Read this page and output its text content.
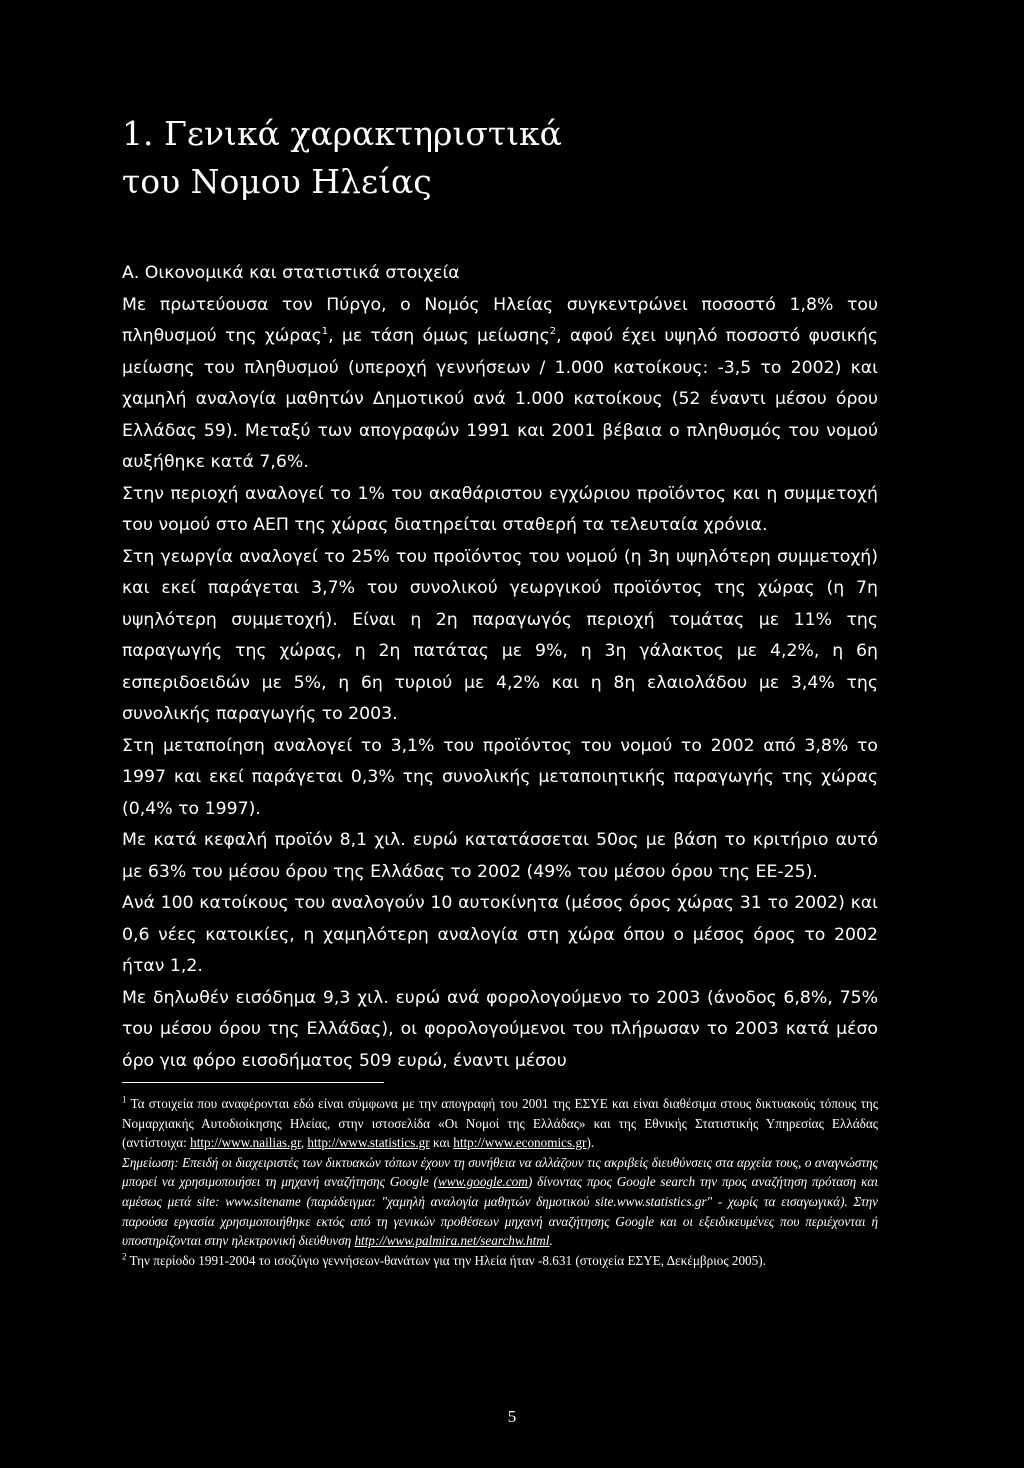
1. Γενικά χαρακτηριστικά
του Νομου Ηλείας

Α. Οικονομικά και στατιστικά στοιχεία

Με πρωτεύουσα τον Πύργο, ο Νομός Ηλείας συγκεντρώνει ποσοστό 1,8% του πληθυσμού της χώρας$^1$, με τάση όμως μείωσης$^2$, αφού έχει υψηλό ποσοστό φυσικής μείωσης του πληθυσμού (υπεροχή γεννήσεων / 1.000 κατοίκους: -3,5 το 2002) και χαμηλή αναλογία μαθητών Δημοτικού ανά 1.000 κατοίκους (52 έναντι μέσου όρου Ελλάδας 59). Μεταξύ των απογραφών 1991 και 2001 βέβαια ο πληθυσμός του νομού αυξήθηκε κατά 7,6%.

Στην περιοχή αναλογεί το 1% του ακαθάριστου εγχώριου προϊόντος και η συμμετοχή του νομού στο ΑΕΠ της χώρας διατηρείται σταθερή τα τελευταία χρόνια.

Στη γεωργία αναλογεί το 25% του προϊόντος του νομού (η 3η υψηλότερη συμμετοχή) και εκεί παράγεται 3,7% του συνολικού γεωργικού προϊόντος της χώρας (η 7η υψηλότερη συμμετοχή). Είναι η 2η παραγωγός περιοχή τομάτας με 11% της παραγωγής της χώρας, η 2η πατάτας με 9%, η 3η γάλακτος με 4,2%, η 6η εσπεριδοειδών με 5%, η 6η τυριού με 4,2% και η 8η ελαιολάδου με 3,4% της συνολικής παραγωγής το 2003.

Στη μεταποίηση αναλογεί το 3,1% του προϊόντος του νομού το 2002 από 3,8% το 1997 και εκεί παράγεται 0,3% της συνολικής μεταποιητικής παραγωγής της χώρας (0,4% το 1997).

Με κατά κεφαλή προϊόν 8,1 χιλ. ευρώ κατατάσσεται 50ος με βάση το κριτήριο αυτό με 63% του μέσου όρου της Ελλάδας το 2002 (49% του μέσου όρου της ΕΕ-25).

Ανά 100 κατοίκους του αναλογούν 10 αυτοκίνητα (μέσος όρος χώρας 31 το 2002) και 0,6 νέες κατοικίες, η χαμηλότερη αναλογία στη χώρα όπου ο μέσος όρος το 2002 ήταν 1,2.

Με δηλωθέν εισόδημα 9,3 χιλ. ευρώ ανά φορολογούμενο το 2003 (άνοδος 6,8%, 75% του μέσου όρου της Ελλάδας), οι φορολογούμενοι του πλήρωσαν το 2003 κατά μέσο όρο για φόρο εισοδήματος 509 ευρώ, έναντι μέσου

$^1$ Τα στοιχεία που αναφέρονται εδώ είναι σύμφωνα με την απογραφή του 2001 της ΕΣΥΕ και είναι διαθέσιμα στους δικτυακούς τόπους της Νομαρχιακής Αυτοδιοίκησης Ηλείας, στην ιστοσελίδα «Οι Νομοί της Ελλάδας» και της Εθνικής Στατιστικής Υπηρεσίας Ελλάδας (αντίστοιχα: http://www.nailias.gr, http://www.statistics.gr και http://www.economics.gr).

Σημείωση: Επειδή οι διαχειριστές των δικτυακών τόπων έχουν τη συνήθεια να αλλάζουν τις ακριβείς διευθύνσεις στα αρχεία τους, ο αναγνώστης μπορεί να χρησιμοποιήσει τη μηχανή αναζήτησης Google (www.google.com) δίνοντας προς Google search την προς αναζήτηση πρόταση και αμέσως μετά site: www.sitename (παράδειγμα: "χαμηλή αναλογία μαθητών δημοτικού site.www.statistics.gr" - χωρίς τα εισαγωγικά). Στην παρούσα εργασία χρησιμοποιήθηκε εκτός από τη γενικών προθέσεων μηχανή αναζήτησης Google και οι εξειδικευμένες που περιέχονται ή υποστηρίζονται στην ηλεκτρονική διεύθυνση http://www.palmira.net/searchw.html.

$^2$ Την περίοδο 1991-2004 το ισοζύγιο γεννήσεων-θανάτων για την Ηλεία ήταν -8.631 (στοιχεία ΕΣΥΕ, Δεκέμβριος 2005).

5
